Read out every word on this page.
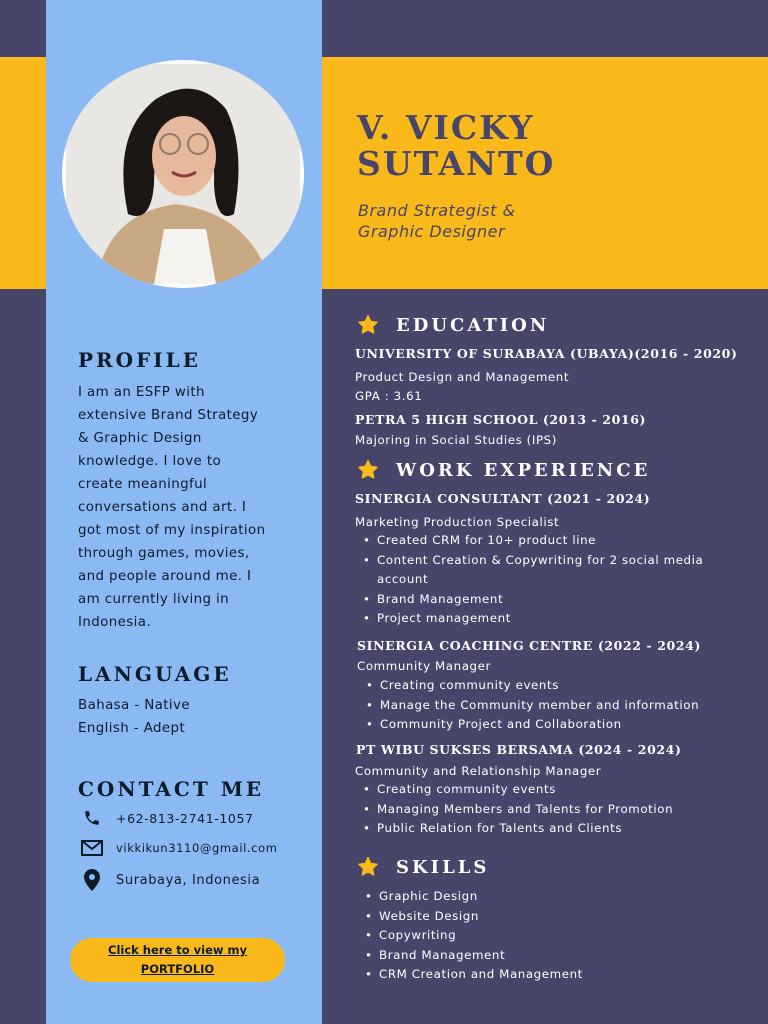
V. VICKY
SUTANTO
Brand Strategist &
Graphic Designer
PROFILE
I am an ESFP with
extensive Brand Strategy
& Graphic Design
knowledge. I love to
create meaningful
conversations and art. I
got most of my inspiration
through games, movies,
and people around me. I
am currently living in
Indonesia.
LANGUAGE
Bahasa - Native
English - Adept
CONTACT ME
+62-813-2741-1057
vikkikun3110@gmail.com
Surabaya, Indonesia
Click here to view my
PORTFOLIO
EDUCATION
UNIVERSITY OF SURABAYA (UBAYA)(2016 - 2020)
Product Design and Management
GPA : 3.61
PETRA 5 HIGH SCHOOL (2013 - 2016)
Majoring in Social Studies (IPS)
WORK EXPERIENCE
SINERGIA CONSULTANT (2021 - 2024)
Marketing Production Specialist
• Created CRM for 10+ product line
• Content Creation & Copywriting for 2 social media
account
• Brand Management
• Project management
SINERGIA COACHING CENTRE (2022 - 2024)
Community Manager
• Creating community events
• Manage the Community member and information
• Community Project and Collaboration
PT WIBU SUKSES BERSAMA (2024 - 2024)
Community and Relationship Manager
• Creating community events
• Managing Members and Talents for Promotion
• Public Relation for Talents and Clients
SKILLS
• Graphic Design
• Website Design
• Copywriting
• Brand Management
• CRM Creation and Management
